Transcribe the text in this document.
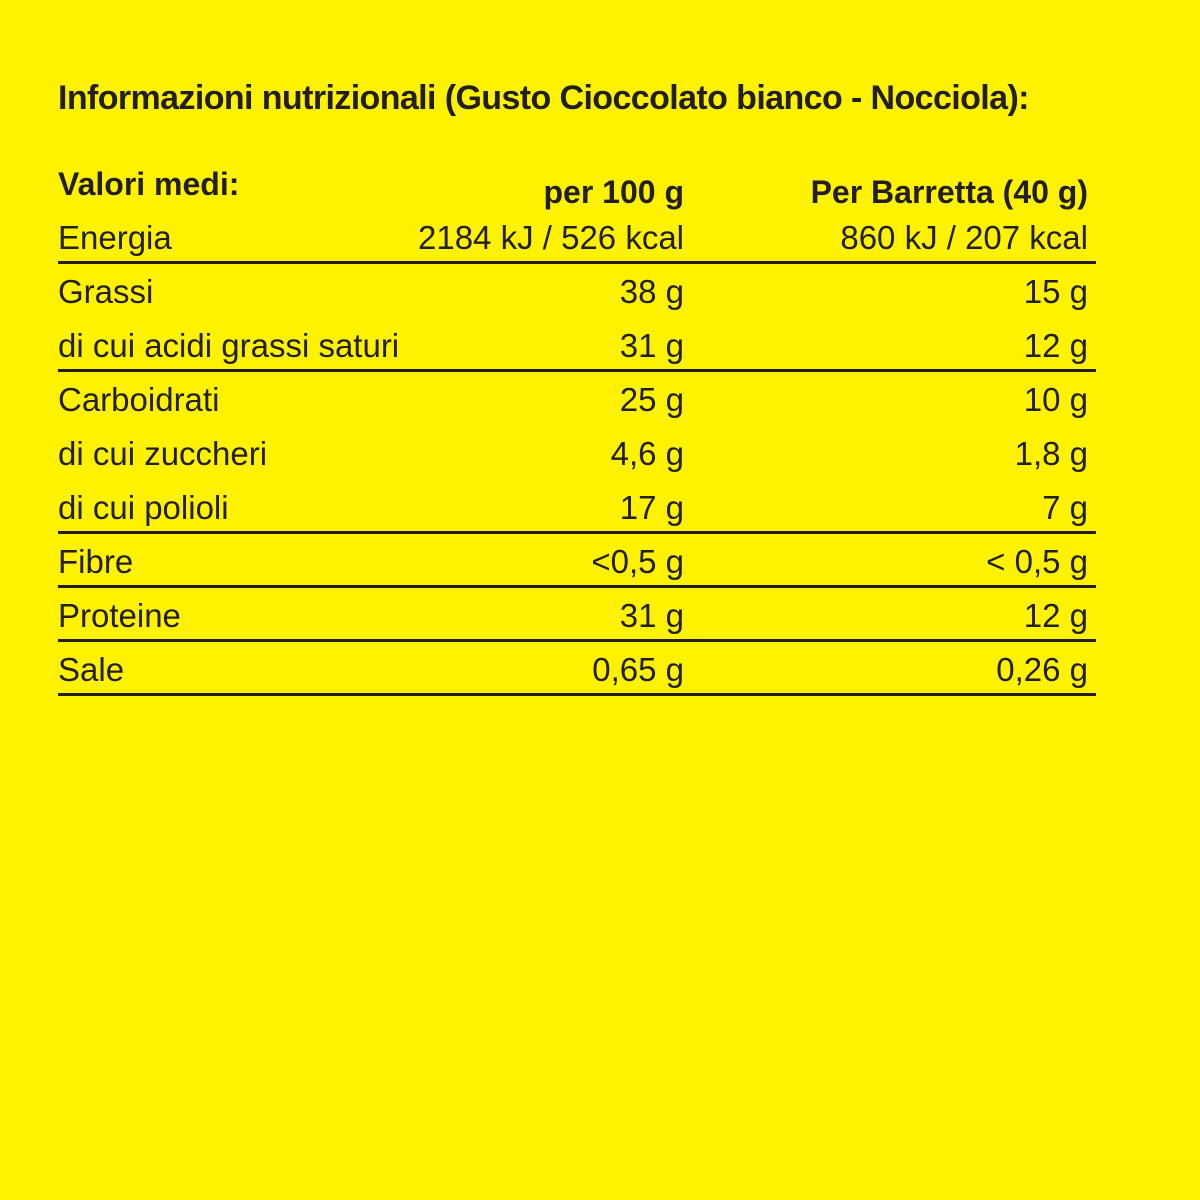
Informazioni nutrizionali (Gusto Cioccolato bianco - Nocciola):
Valori medi:	per 100 g	Per Barretta (40 g)
Energia	2184 kJ / 526 kcal	860 kJ / 207 kcal
Grassi	38 g	15 g
di cui acidi grassi saturi	31 g	12 g
Carboidrati	25 g	10 g
di cui zuccheri	4,6 g	1,8 g
di cui polioli	17 g	7 g
Fibre	<0,5 g	< 0,5 g
Proteine	31 g	12 g
Sale	0,65 g	0,26 g
